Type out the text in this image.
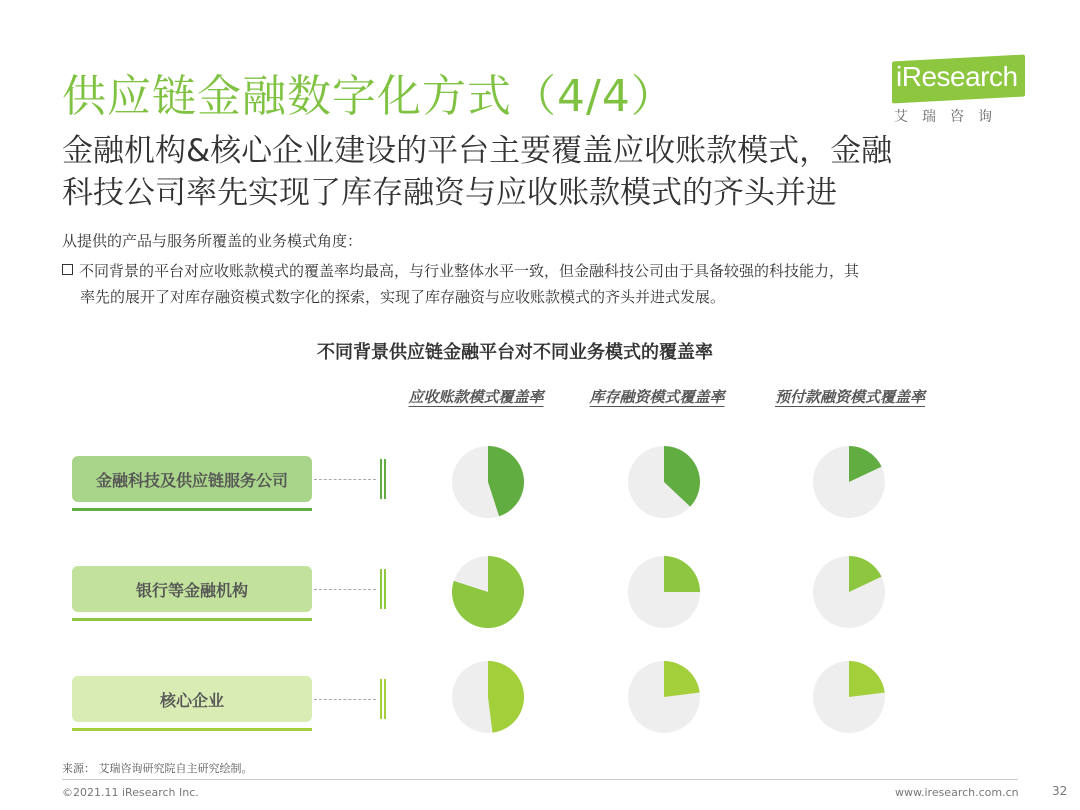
供应链金融数字化方式（4/4）	iResearch
艾瑞咨询
金融机构&核心企业建设的平台主要覆盖应收账款模式，金融
科技公司率先实现了库存融资与应收账款模式的齐头并进
从提供的产品与服务所覆盖的业务模式角度：
不同背景的平台对应收账款模式的覆盖率均最高，与行业整体水平一致，但金融科技公司由于具备较强的科技能力，其
率先的展开了对库存融资模式数字化的探索，实现了库存融资与应收账款模式的齐头并进式发展。
不同背景供应链金融平台对不同业务模式的覆盖率
应收账款模式覆盖率	库存融资模式覆盖率	预付款融资模式覆盖率
金融科技及供应链服务公司
银行等金融机构
核心企业
来源： 艾瑞咨询研究院自主研究绘制。
©2021.11 iResearch Inc.	www.iresearch.com.cn	32
